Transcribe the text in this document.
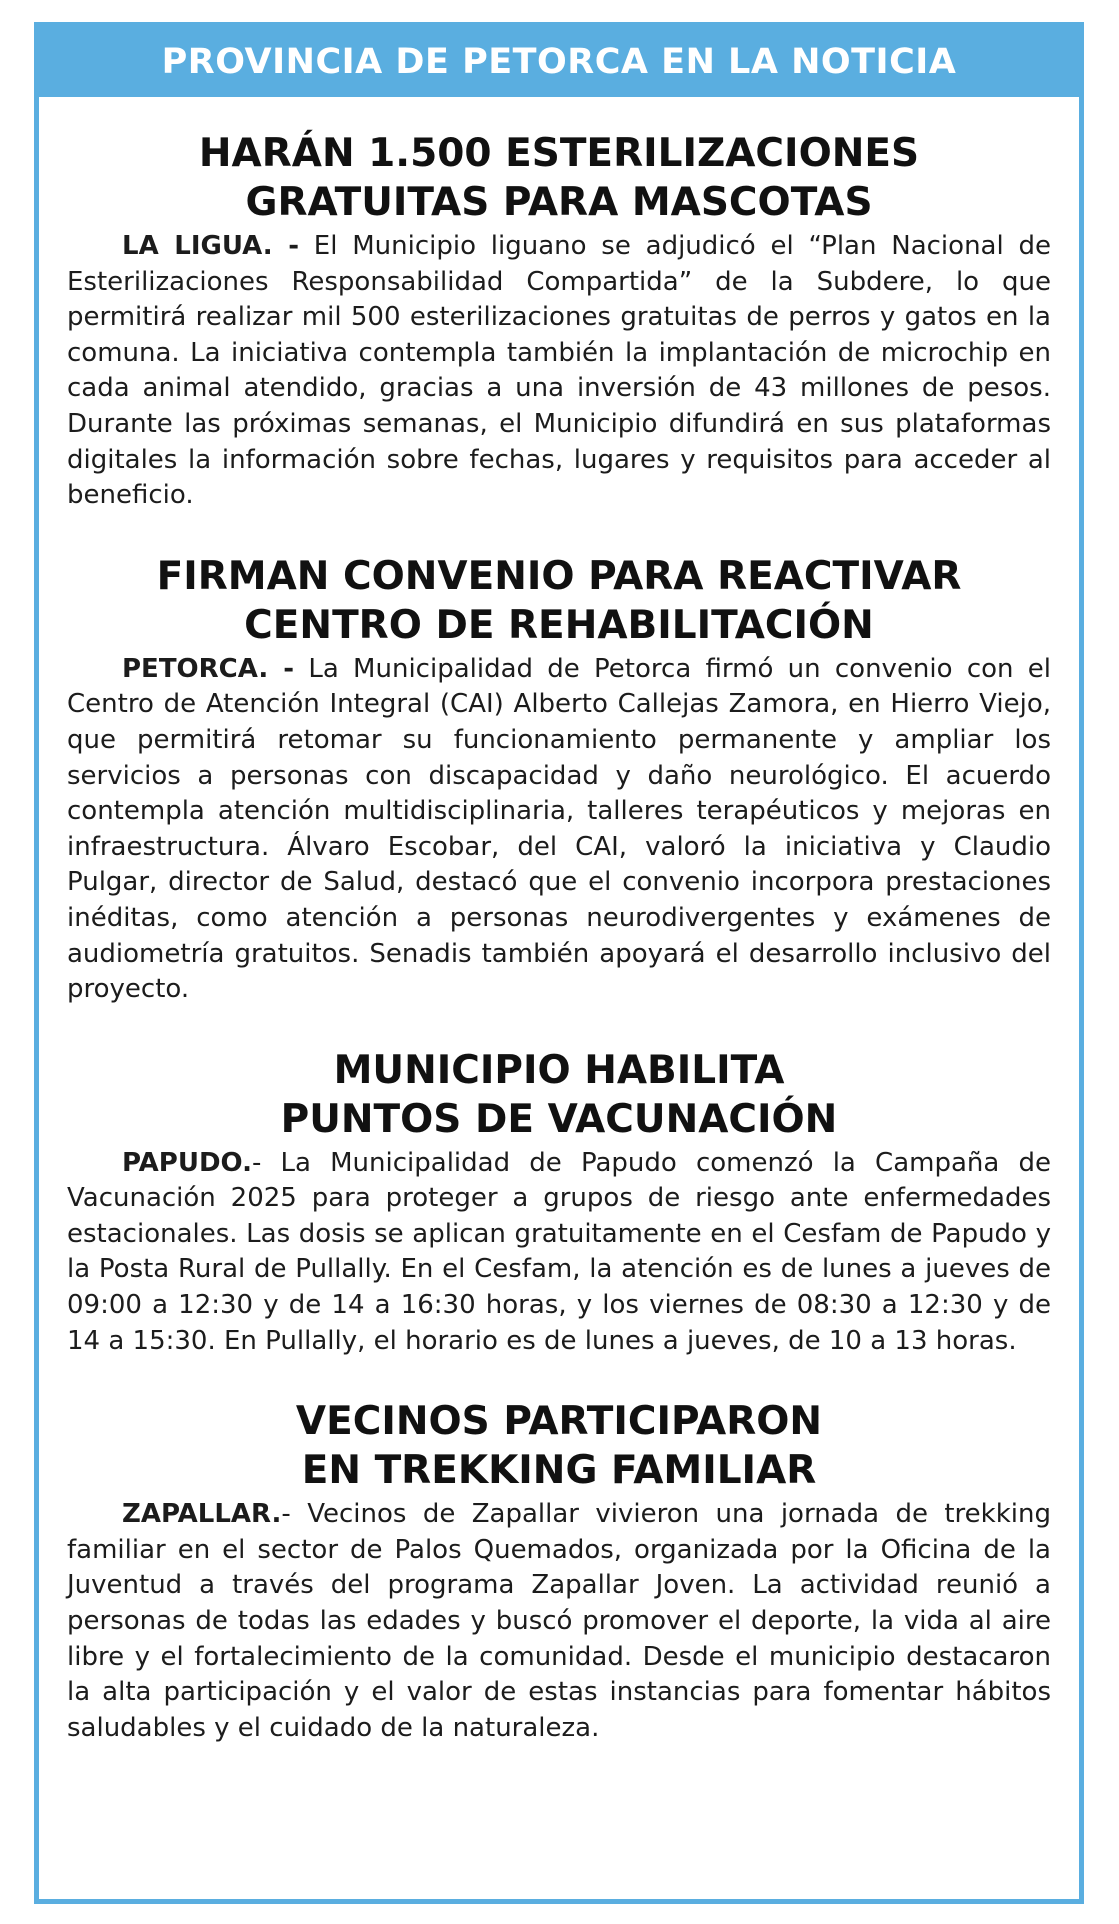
PROVINCIA DE PETORCA EN LA NOTICIA
HARÁN 1.500 ESTERILIZACIONES
GRATUITAS PARA MASCOTAS

LA LIGUA. - El Municipio liguano se adjudicó el “Plan Nacional de Esterilizaciones Responsabilidad Compartida” de la Subdere, lo que permitirá realizar mil 500 esterilizaciones gratuitas de perros y gatos en la comuna. La iniciativa contempla también la implantación de microchip en cada animal atendido, gracias a una inversión de 43 millones de pesos. Durante las próximas semanas, el Municipio difundirá en sus plataformas digitales la información sobre fechas, lugares y requisitos para acceder al beneficio.

FIRMAN CONVENIO PARA REACTIVAR
CENTRO DE REHABILITACIÓN

PETORCA. - La Municipalidad de Petorca firmó un convenio con el Centro de Atención Integral (CAI) Alberto Callejas Zamora, en Hierro Viejo, que permitirá retomar su funcionamiento permanente y ampliar los servicios a personas con discapacidad y daño neurológico. El acuerdo contempla atención multidisciplinaria, talleres terapéuticos y mejoras en infraestructura. Álvaro Escobar, del CAI, valoró la iniciativa y Claudio Pulgar, director de Salud, destacó que el convenio incorpora prestaciones inéditas, como atención a personas neurodivergentes y exámenes de audiometría gratuitos. Senadis también apoyará el desarrollo inclusivo del proyecto.

MUNICIPIO HABILITA
PUNTOS DE VACUNACIÓN

PAPUDO.- La Municipalidad de Papudo comenzó la Campaña de Vacunación 2025 para proteger a grupos de riesgo ante enfermedades estacionales. Las dosis se aplican gratuitamente en el Cesfam de Papudo y la Posta Rural de Pullally. En el Cesfam, la atención es de lunes a jueves de 09:00 a 12:30 y de 14 a 16:30 horas, y los viernes de 08:30 a 12:30 y de 14 a 15:30. En Pullally, el horario es de lunes a jueves, de 10 a 13 horas.

VECINOS PARTICIPARON
EN TREKKING FAMILIAR

ZAPALLAR.- Vecinos de Zapallar vivieron una jornada de trekking familiar en el sector de Palos Quemados, organizada por la Oficina de la Juventud a través del programa Zapallar Joven. La actividad reunió a personas de todas las edades y buscó promover el deporte, la vida al aire libre y el fortalecimiento de la comunidad. Desde el municipio destacaron la alta participación y el valor de estas instancias para fomentar hábitos saludables y el cuidado de la naturaleza.
